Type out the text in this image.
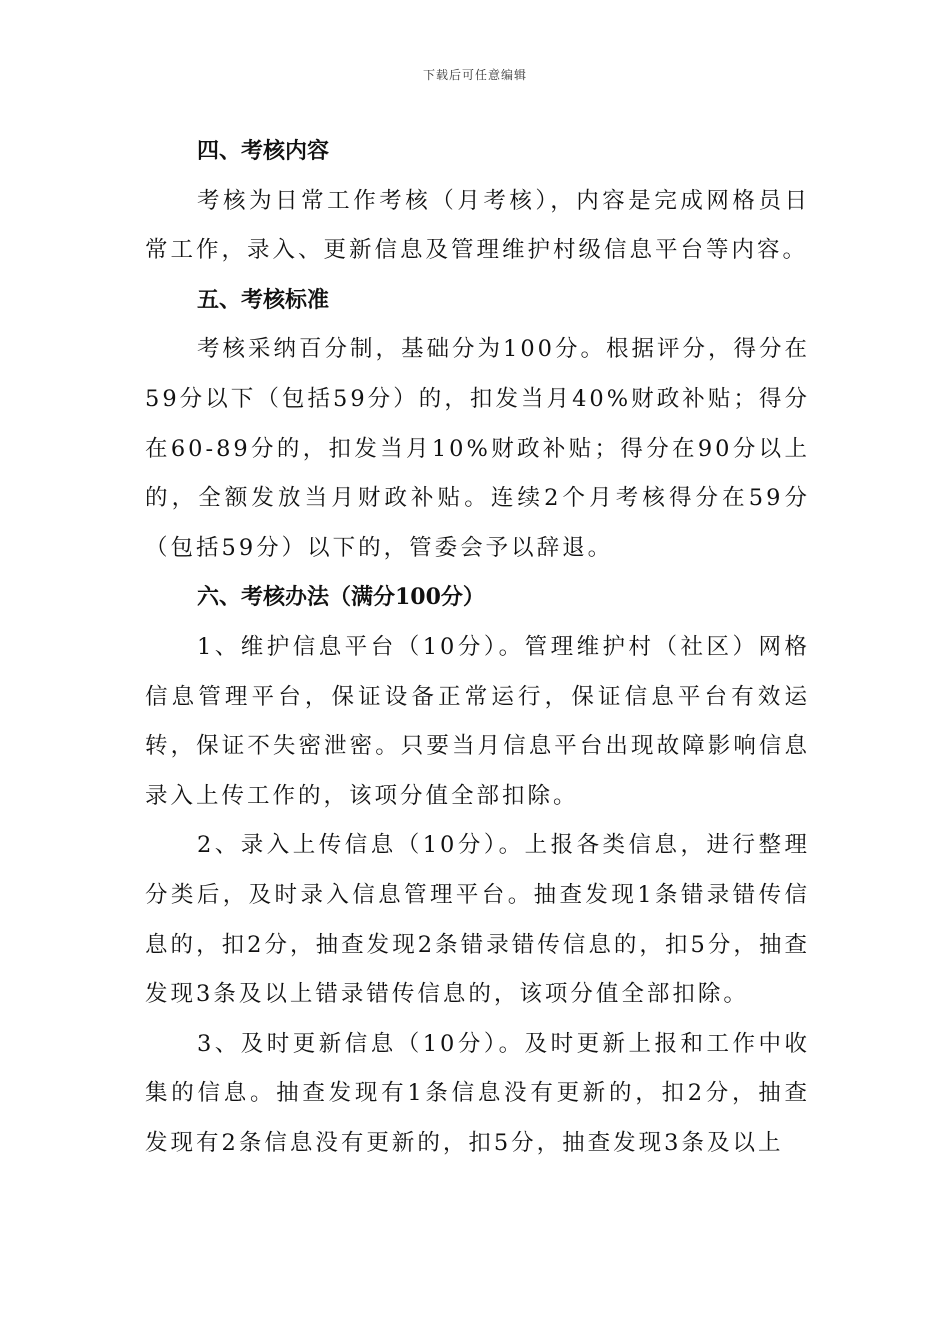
下载后可任意编辑
四、考核内容

考核为日常工作考核（月考核），内容是完成网格员日常工作，录入、更新信息及管理维护村级信息平台等内容。

五、考核标准

考核采纳百分制，基础分为100分。根据评分，得分在59分以下（包括59分）的，扣发当月40%财政补贴；得分在60-89分的，扣发当月10%财政补贴；得分在90分以上的，全额发放当月财政补贴。连续2个月考核得分在59分（包括59分）以下的，管委会予以辞退。

六、考核办法（满分100分）

1、维护信息平台（10分）。管理维护村（社区）网格信息管理平台，保证设备正常运行，保证信息平台有效运转，保证不失密泄密。只要当月信息平台出现故障影响信息录入上传工作的，该项分值全部扣除。

2、录入上传信息（10分）。上报各类信息，进行整理分类后，及时录入信息管理平台。抽查发现1条错录错传信息的，扣2分，抽查发现2条错录错传信息的，扣5分，抽查发现3条及以上错录错传信息的，该项分值全部扣除。

3、及时更新信息（10分）。及时更新上报和工作中收集的信息。抽查发现有1条信息没有更新的，扣2分，抽查发现有2条信息没有更新的，扣5分，抽查发现3条及以上
